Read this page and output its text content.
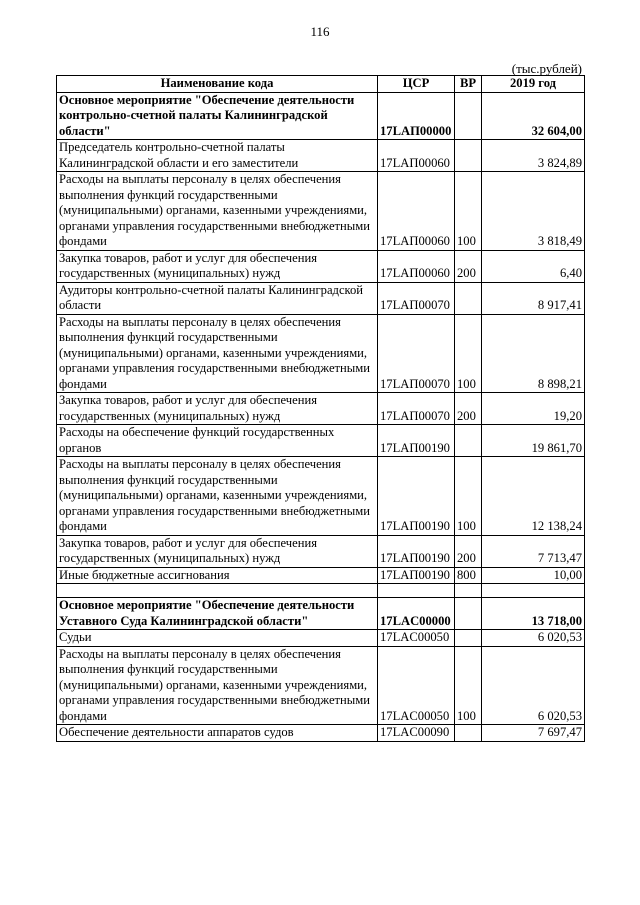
116
(тыс.рублей)
Наименование кода	ЦСР	ВР	2019 год
Основное мероприятие "Обеспечение деятельности контрольно-счетной палаты Калининградской области"	17LAП00000		32 604,00
Председатель контрольно-счетной палаты Калининградской области и его заместители	17LAП00060		3 824,89
Расходы на выплаты персоналу в целях обеспечения выполнения функций государственными (муниципальными) органами, казенными учреждениями, органами управления государственными внебюджетными фондами	17LAП00060	100	3 818,49
Закупка товаров, работ и услуг для обеспечения государственных (муниципальных) нужд	17LAП00060	200	6,40
Аудиторы контрольно-счетной палаты Калининградской области	17LAП00070		8 917,41
Расходы на выплаты персоналу в целях обеспечения выполнения функций государственными (муниципальными) органами, казенными учреждениями, органами управления государственными внебюджетными фондами	17LAП00070	100	8 898,21
Закупка товаров, работ и услуг для обеспечения государственных (муниципальных) нужд	17LAП00070	200	19,20
Расходы на обеспечение функций государственных органов	17LAП00190		19 861,70
Расходы на выплаты персоналу в целях обеспечения выполнения функций государственными (муниципальными) органами, казенными учреждениями, органами управления государственными внебюджетными фондами	17LAП00190	100	12 138,24
Закупка товаров, работ и услуг для обеспечения государственных (муниципальных) нужд	17LAП00190	200	7 713,47
Иные бюджетные ассигнования	17LAП00190	800	10,00

Основное мероприятие "Обеспечение деятельности Уставного Суда Калининградской области"	17LAC00000		13 718,00
Судьи	17LAC00050		6 020,53
Расходы на выплаты персоналу в целях обеспечения выполнения функций государственными (муниципальными) органами, казенными учреждениями, органами управления государственными внебюджетными фондами	17LAC00050	100	6 020,53
Обеспечение деятельности аппаратов судов	17LAC00090		7 697,47
